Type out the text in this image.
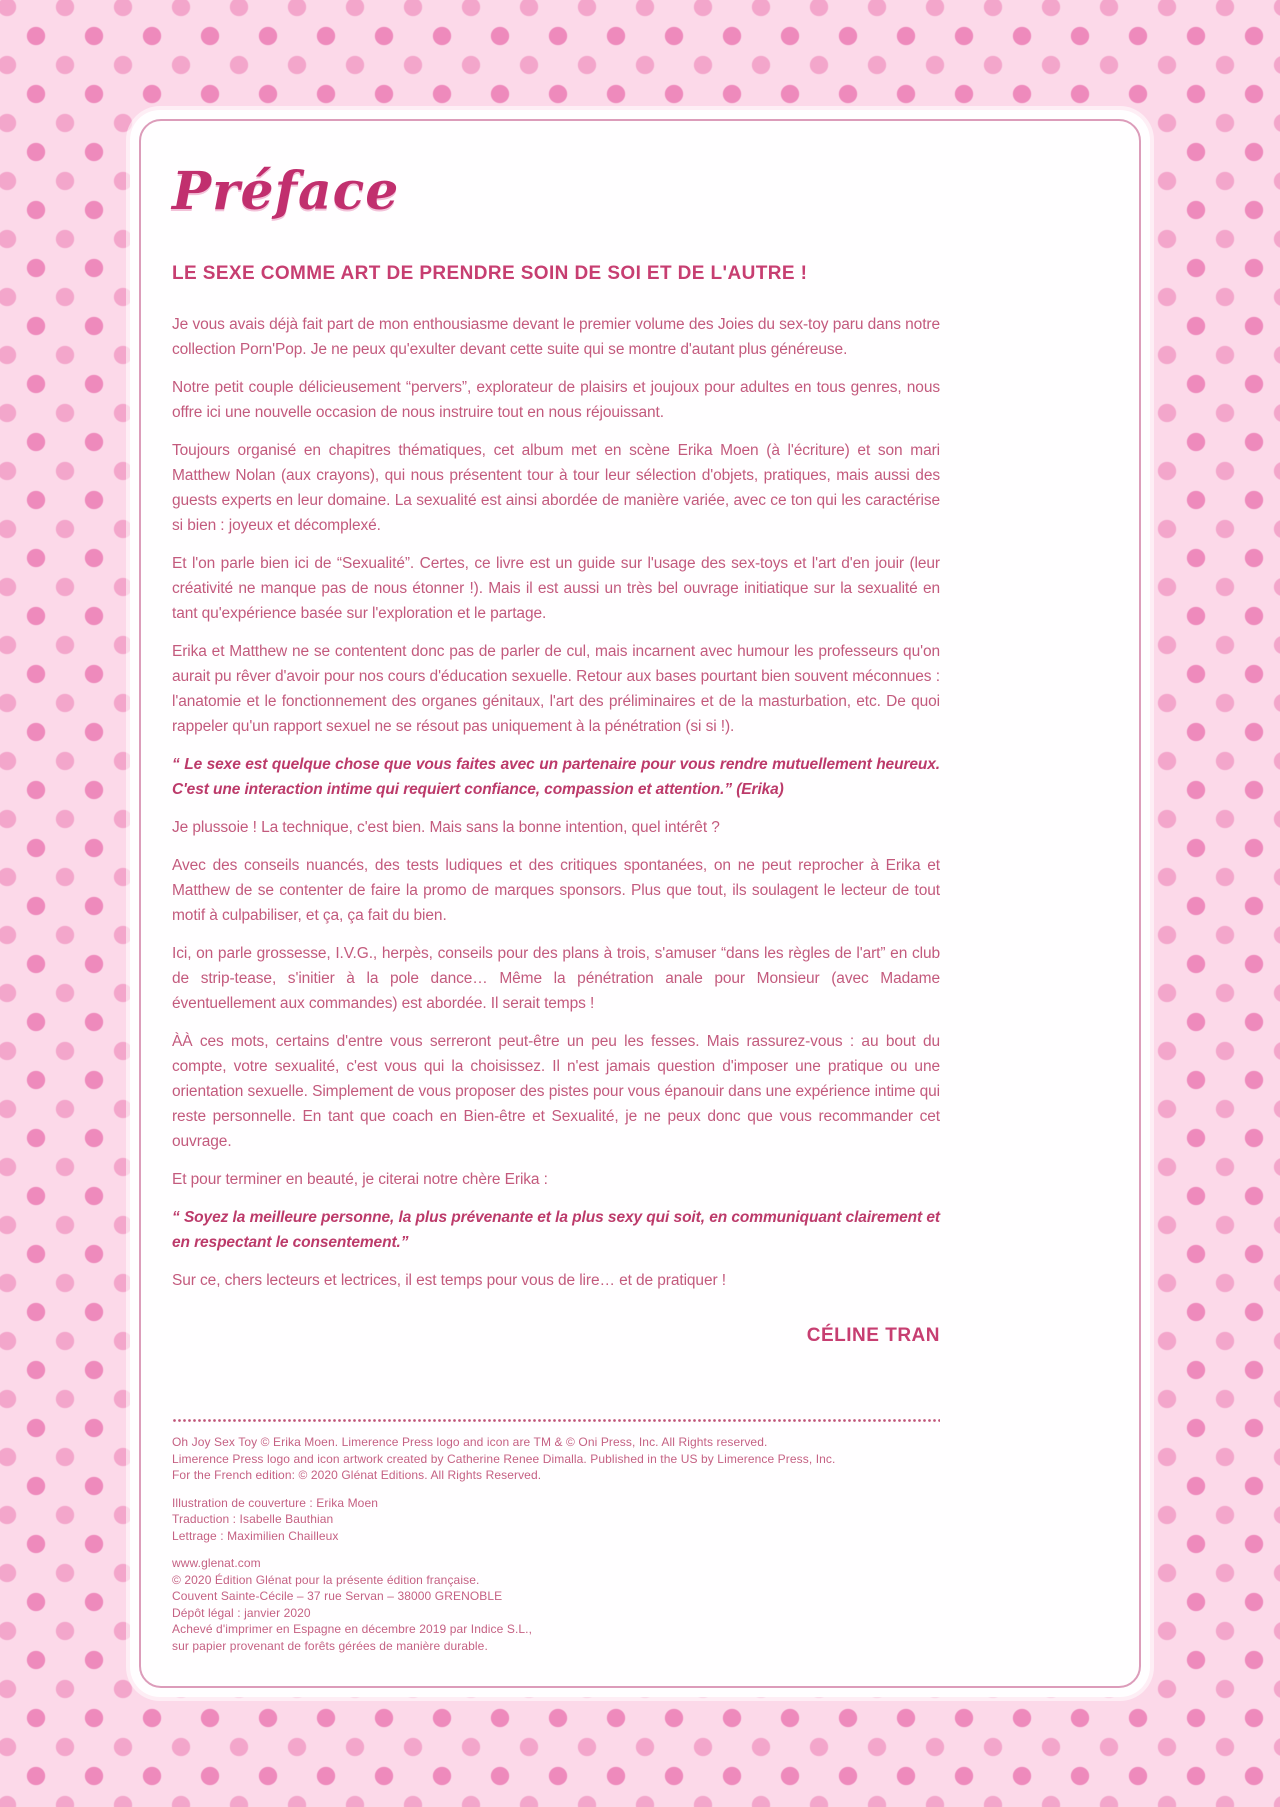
Préface
LE SEXE COMME ART DE PRENDRE SOIN DE SOI ET DE L'AUTRE !

Je vous avais déjà fait part de mon enthousiasme devant le premier volume des Joies du sex-toy paru dans notre collection Porn'Pop. Je ne peux qu'exulter devant cette suite qui se montre d'autant plus généreuse.

Notre petit couple délicieusement “pervers”, explorateur de plaisirs et joujoux pour adultes en tous genres, nous offre ici une nouvelle occasion de nous instruire tout en nous réjouissant.

Toujours organisé en chapitres thématiques, cet album met en scène Erika Moen (à l'écriture) et son mari Matthew Nolan (aux crayons), qui nous présentent tour à tour leur sélection d'objets, pratiques, mais aussi des guests experts en leur domaine. La sexualité est ainsi abordée de manière variée, avec ce ton qui les caractérise si bien : joyeux et décomplexé.

Et l'on parle bien ici de “Sexualité”. Certes, ce livre est un guide sur l'usage des sex-toys et l'art d'en jouir (leur créativité ne manque pas de nous étonner !). Mais il est aussi un très bel ouvrage initiatique sur la sexualité en tant qu'expérience basée sur l'exploration et le partage.

Erika et Matthew ne se contentent donc pas de parler de cul, mais incarnent avec humour les professeurs qu'on aurait pu rêver d'avoir pour nos cours d'éducation sexuelle. Retour aux bases pourtant bien souvent méconnues : l'anatomie et le fonctionnement des organes génitaux, l'art des préliminaires et de la masturbation, etc. De quoi rappeler qu'un rapport sexuel ne se résout pas uniquement à la pénétration (si si !).

“ Le sexe est quelque chose que vous faites avec un partenaire pour vous rendre mutuellement heureux. C'est une interaction intime qui requiert confiance, compassion et attention.” (Erika)

Je plussoie ! La technique, c'est bien. Mais sans la bonne intention, quel intérêt ?

Avec des conseils nuancés, des tests ludiques et des critiques spontanées, on ne peut reprocher à Erika et Matthew de se contenter de faire la promo de marques sponsors. Plus que tout, ils soulagent le lecteur de tout motif à culpabiliser, et ça, ça fait du bien.

Ici, on parle grossesse, I.V.G., herpès, conseils pour des plans à trois, s'amuser “dans les règles de l'art” en club de strip-tease, s'initier à la pole dance… Même la pénétration anale pour Monsieur (avec Madame éventuellement aux commandes) est abordée. Il serait temps !

ÀÀ ces mots, certains d'entre vous serreront peut-être un peu les fesses. Mais rassurez-vous : au bout du compte, votre sexualité, c'est vous qui la choisissez. Il n'est jamais question d'imposer une pratique ou une orientation sexuelle. Simplement de vous proposer des pistes pour vous épanouir dans une expérience intime qui reste personnelle. En tant que coach en Bien-être et Sexualité, je ne peux donc que vous recommander cet ouvrage.

Et pour terminer en beauté, je citerai notre chère Erika :

“ Soyez la meilleure personne, la plus prévenante et la plus sexy qui soit, en communiquant clairement et en respectant le consentement.”

Sur ce, chers lecteurs et lectrices, il est temps pour vous de lire… et de pratiquer !

CÉLINE TRAN
Oh Joy Sex Toy © Erika Moen. Limerence Press logo and icon are TM & © Oni Press, Inc. All Rights reserved.
Limerence Press logo and icon artwork created by Catherine Renee Dimalla. Published in the US by Limerence Press, Inc.
For the French edition: © 2020 Glénat Editions. All Rights Reserved.
Illustration de couverture : Erika Moen
Traduction : Isabelle Bauthian
Lettrage : Maximilien Chailleux
www.glenat.com
© 2020 Édition Glénat pour la présente édition française.
Couvent Sainte-Cécile – 37 rue Servan – 38000 GRENOBLE
Dépôt légal : janvier 2020
Achevé d'imprimer en Espagne en décembre 2019 par Indice S.L.,
sur papier provenant de forêts gérées de manière durable.
